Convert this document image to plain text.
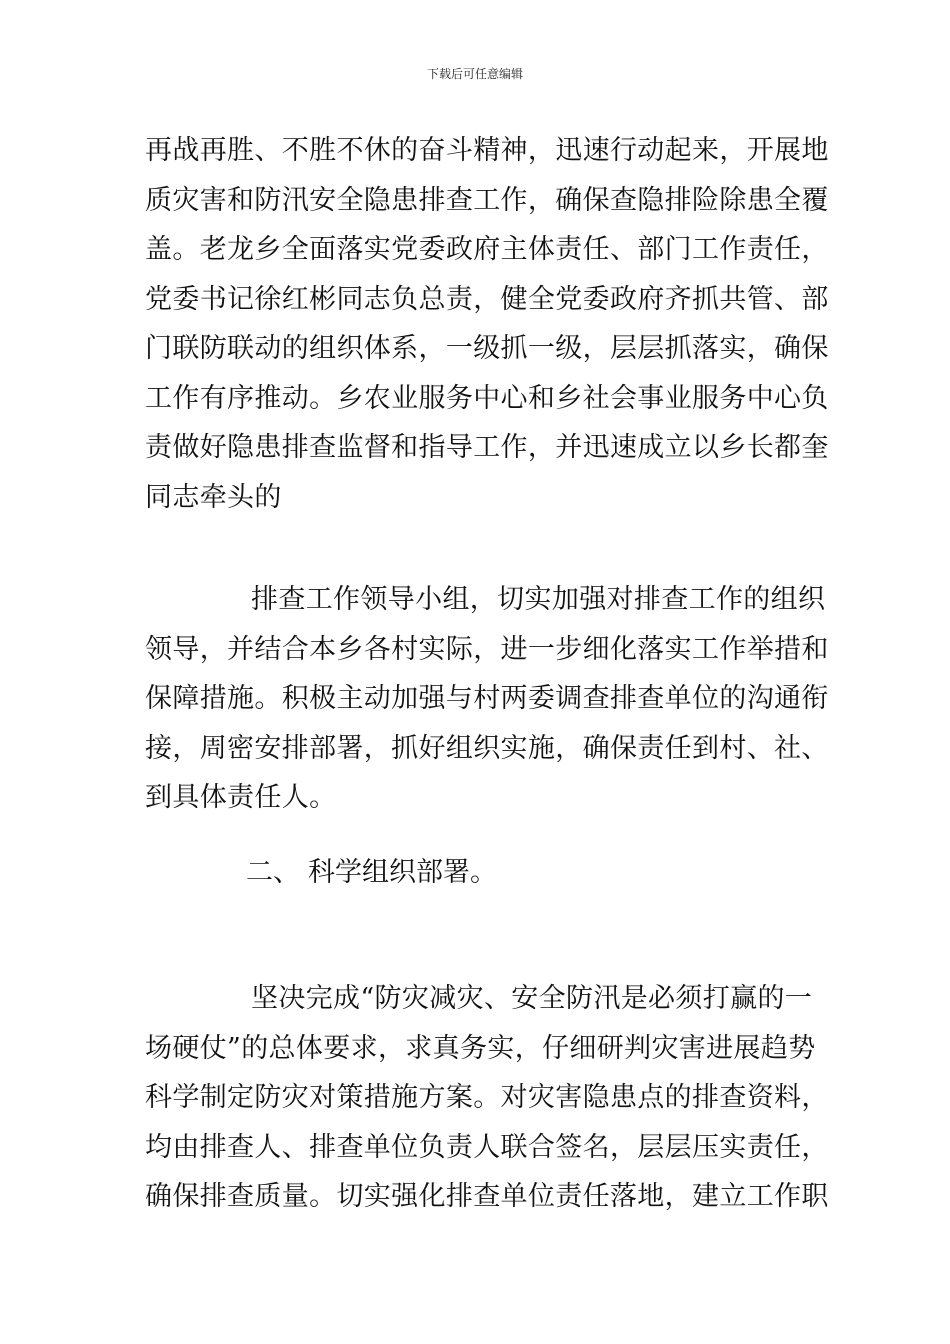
下载后可任意编辑
再战再胜、不胜不休的奋斗精神，迅速行动起来，开展地
质灾害和防汛安全隐患排查工作，确保查隐排险除患全覆
盖。老龙乡全面落实党委政府主体责任、部门工作责任，
党委书记徐红彬同志负总责，健全党委政府齐抓共管、部
门联防联动的组织体系，一级抓一级，层层抓落实，确保
工作有序推动。乡农业服务中心和乡社会事业服务中心负
责做好隐患排查监督和指导工作，并迅速成立以乡长都奎
同志牵头的
排查工作领导小组，切实加强对排查工作的组织
领导，并结合本乡各村实际，进一步细化落实工作举措和
保障措施。积极主动加强与村两委调查排查单位的沟通衔
接，周密安排部署，抓好组织实施，确保责任到村、社、
到具体责任人。
二、 科学组织部署。
坚决完成“防灾减灾、安全防汛是必须打赢的一
场硬仗”的总体要求，求真务实，仔细研判灾害进展趋势
科学制定防灾对策措施方案。对灾害隐患点的排查资料，
均由排查人、排查单位负责人联合签名，层层压实责任，
确保排查质量。切实强化排查单位责任落地，建立工作职
